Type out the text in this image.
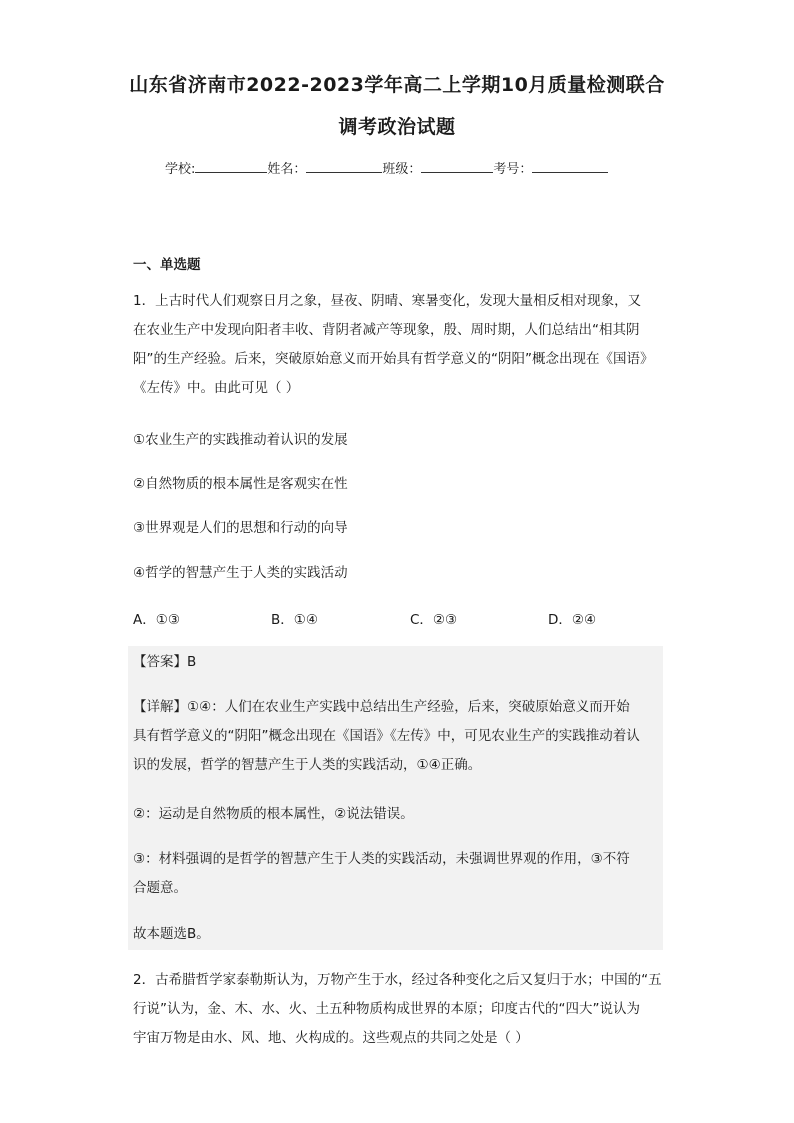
山东省济南市2022-2023学年高二上学期10月质量检测联合
调考政治试题
学校:	姓名：	班级：	考号：
一、单选题
1．上古时代人们观察日月之象，昼夜、阴晴、寒暑变化，发现大量相反相对现象，又
在农业生产中发现向阳者丰收、背阴者减产等现象，殷、周时期，人们总结出“相其阴
阳”的生产经验。后来，突破原始意义而开始具有哲学意义的“阴阳”概念出现在《国语》
《左传》中。由此可见（ ）
①农业生产的实践推动着认识的发展
②自然物质的根本属性是客观实在性
③世界观是人们的思想和行动的向导
④哲学的智慧产生于人类的实践活动
A．①③	B．①④	C．②③	D．②④
【答案】B
【详解】①④：人们在农业生产实践中总结出生产经验，后来，突破原始意义而开始
具有哲学意义的“阴阳”概念出现在《国语》《左传》中，可见农业生产的实践推动着认
识的发展，哲学的智慧产生于人类的实践活动，①④正确。
②：运动是自然物质的根本属性，②说法错误。
③：材料强调的是哲学的智慧产生于人类的实践活动，未强调世界观的作用，③不符
合题意。
故本题选B。
2．古希腊哲学家泰勒斯认为，万物产生于水，经过各种变化之后又复归于水；中国的“五
行说”认为，金、木、水、火、土五种物质构成世界的本原；印度古代的“四大”说认为
宇宙万物是由水、风、地、火构成的。这些观点的共同之处是（ ）
